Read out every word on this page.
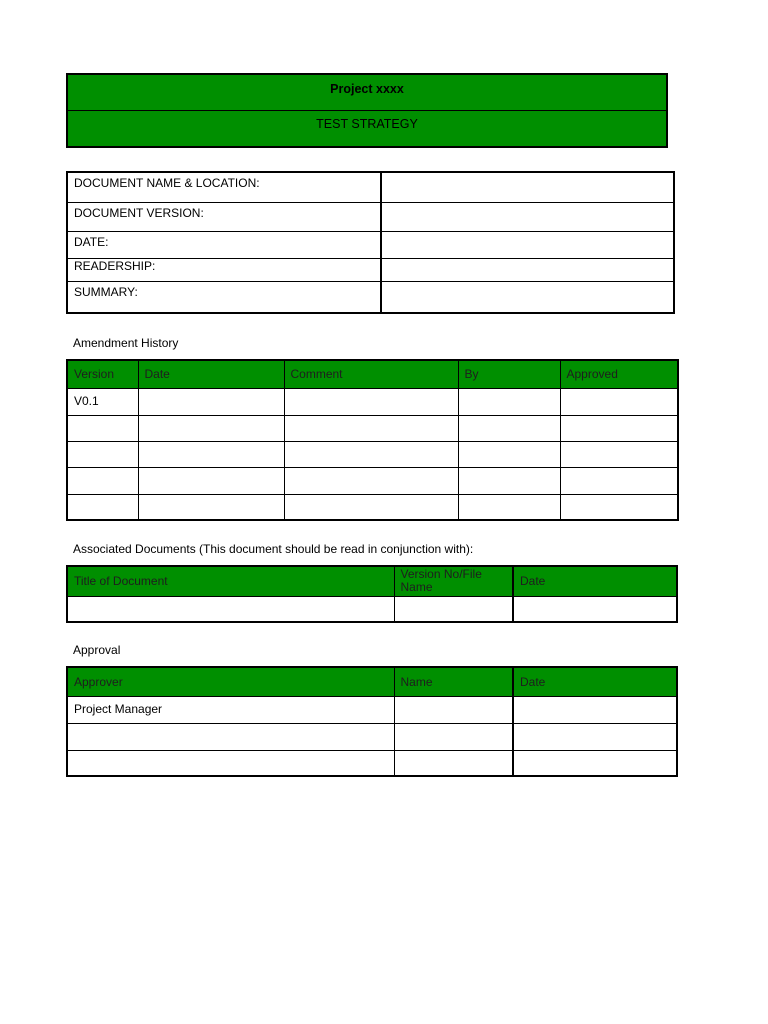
Project xxxx
TEST STRATEGY
DOCUMENT NAME & LOCATION:	
DOCUMENT VERSION:	
DATE:	
READERSHIP:	
SUMMARY:	
Amendment History
Version	Date	Comment	By	Approved
V0.1				

Associated Documents (This document should be read in conjunction with):
Title of Document	Version No/File Name	Date

Approval
Approver	Name	Date
Project Manager		
